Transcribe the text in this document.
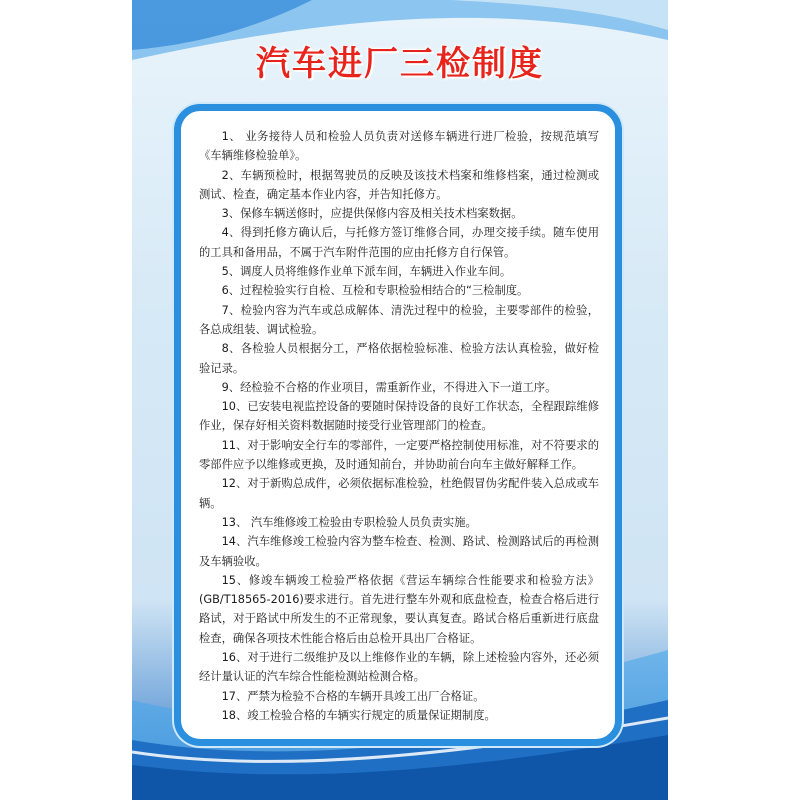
汽车进厂三检制度

1、 业务接待人员和检验人员负责对送修车辆进行进厂检验，按规范填写《车辆维修检验单》。

2、车辆预检时，根据驾驶员的反映及该技术档案和维修档案，通过检测或测试、检查，确定基本作业内容，并告知托修方。

3、保修车辆送修时，应提供保修内容及相关技术档案数据。

4、得到托修方确认后，与托修方签订维修合同，办理交接手续。随车使用的工具和备用品，不属于汽车附件范围的应由托修方自行保管。

5、调度人员将维修作业单下派车间，车辆进入作业车间。

6、过程检验实行自检、互检和专职检验相结合的“三检制度。

7、检验内容为汽车或总成解体、清洗过程中的检验，主要零部件的检验，各总成组装、调试检验。

8、各检验人员根据分工，严格依据检验标准、检验方法认真检验，做好检验记录。

9、经检验不合格的作业项目，需重新作业，不得进入下一道工序。

10、已安装电视监控设备的要随时保持设备的良好工作状态，全程跟踪维修作业，保存好相关资料数据随时接受行业管理部门的检查。

11、对于影响安全行车的零部件，一定要严格控制使用标准，对不符要求的零部件应予以维修或更换，及时通知前台，并协助前台向车主做好解释工作。

12、对于新购总成件，必须依据标准检验，杜绝假冒伪劣配件装入总成或车辆。

13、 汽车维修竣工检验由专职检验人员负责实施。

14、汽车维修竣工检验内容为整车检查、检测、路试、检测路试后的再检测及车辆验收。

15、修竣车辆竣工检验严格依据《营运车辆综合性能要求和检验方法》(GB/T18565-2016)要求进行。首先进行整车外观和底盘检查，检查合格后进行路试，对于路试中所发生的不正常现象，要认真复查。路试合格后重新进行底盘检查，确保各项技术性能合格后由总检开具出厂合格证。

16、对于进行二级维护及以上维修作业的车辆，除上述检验内容外，还必须经计量认证的汽车综合性能检测站检测合格。

17、严禁为检验不合格的车辆开具竣工出厂合格证。

18、竣工检验合格的车辆实行规定的质量保证期制度。
